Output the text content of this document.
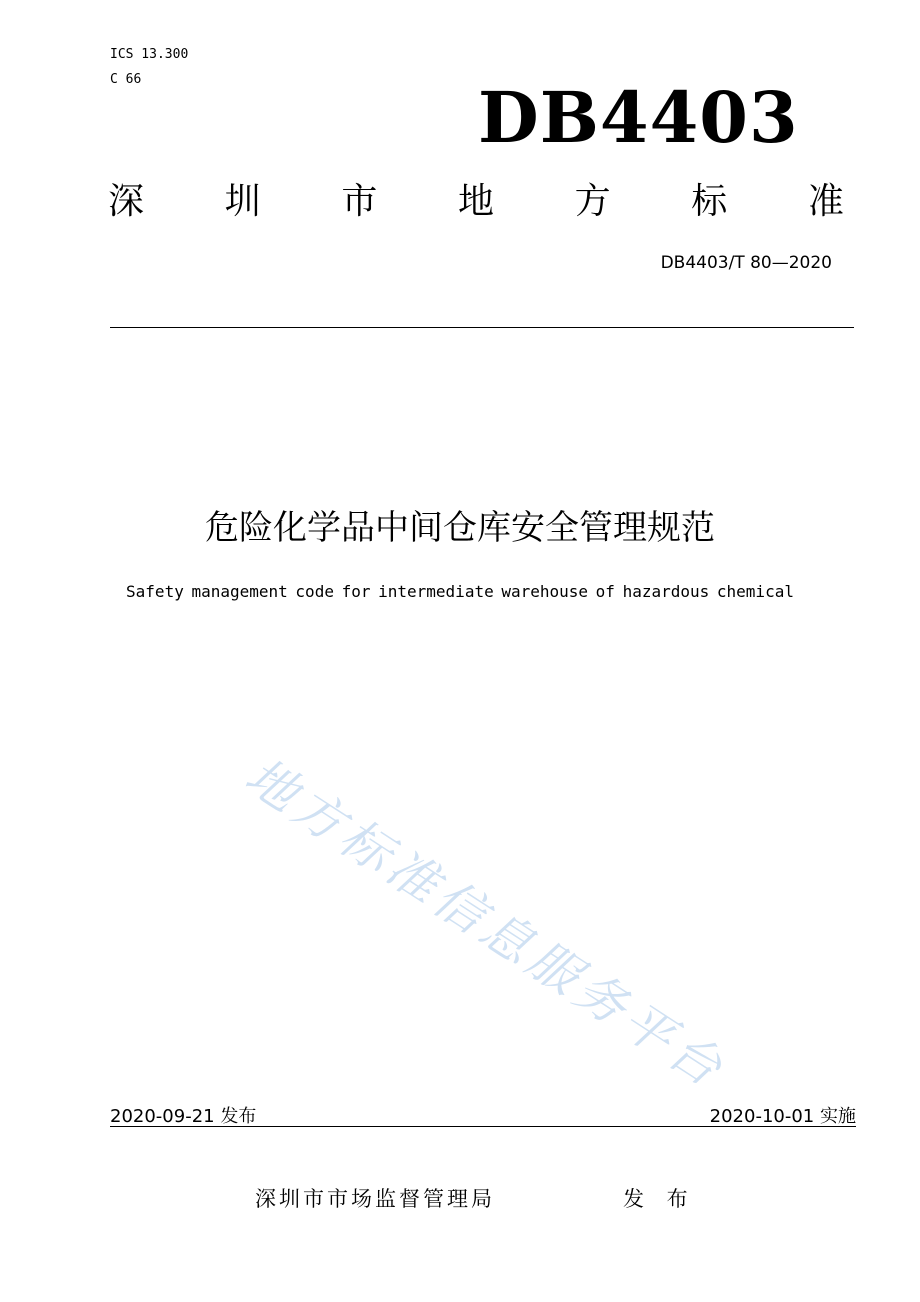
ICS 13.300
C 66	DB4403
深 圳 市 地 方 标 准
DB4403/T 80—2020
危险化学品中间仓库安全管理规范
Safety management code for intermediate warehouse of hazardous chemical
地方标准信息服务平台
2020-09-21 发布	2020-10-01 实施
深圳市市场监督管理局	发 布
